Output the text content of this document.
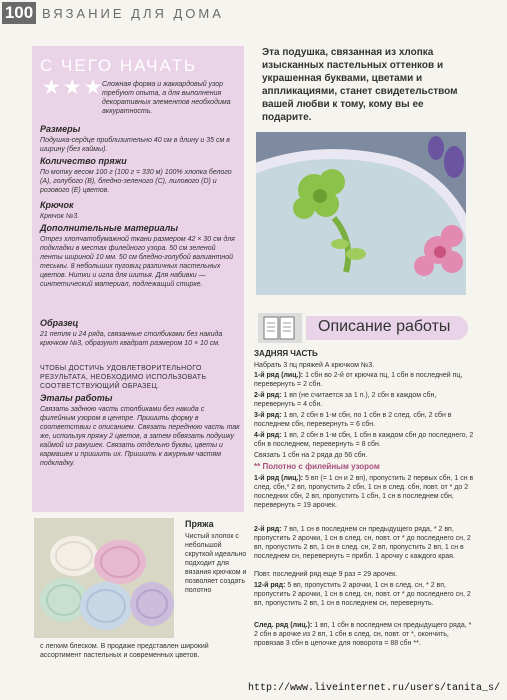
100 ВЯЗАНИЕ ДЛЯ ДОМА
С ЧЕГО НАЧАТЬ
★★★
Сложная форма и жаккардовый узор требуют опыта, а для выполнения декоративных элементов необходима аккуратность.
Размеры
Подушка-сердце приблизительно 40 см в длину и 35 см в ширину (без каймы).
Количество пряжи
По мотку весом 100 г (100 г = 330 м) 100% хлопка белого (A), голубого (B), бледно-зеленого (C), лилового (D) и розового (E) цветов.
Крючок
Крючок №3.
Дополнительные материалы
Отрез хлопчатобумажной ткани размером 42 × 30 см для подкладки в местах филейного узора. 50 см зеленой ленты шириной 10 мм. 50 см бледно-голубой валиантной тесьмы. 8 небольших пуговиц различных пастельных цветов. Нитки и игла для шитья. Для набивки — синтетический материал, подлежащий стирке.
Образец
21 петля и 24 ряда, связанные столбиками без накида крючком №3, образуют квадрат размером 10 × 10 см.
ЧТОБЫ ДОСТИЧЬ УДОВЛЕТВОРИТЕЛЬНОГО РЕЗУЛЬТАТА, НЕОБХОДИМО ИСПОЛЬЗОВАТЬ СООТВЕТСТВУЮЩИЙ ОБРАЗЕЦ.
Этапы работы
Связать заднюю часть столбиками без накида с филейным узором в центре. Пришить форму в соответствии с описанием. Связать переднюю часть так же, используя пряжу 2 цветов, а затем обвязать подушку каймой из ракушек. Связать отдельно буквы, цветы и кармашек и пришить их. Пришить к ажурным частям подкладку.
Пряжа
Чистый хлопок с небольшой скруткой идеально подходит для вязания крючком и позволяет создать полотно
с легким блеском. В продаже представлен широкий ассортимент пастельных и современных цветов.
Эта подушка, связанная из хлопка изысканных пастельных оттенков и украшенная буквами, цветами и аппликациями, станет свидетельством вашей любви к тому, кому вы ее подарите.
Описание работы
ЗАДНЯЯ ЧАСТЬ
Набрать 3 пц пряжей А крючком №3.
1-й ряд (лиц.): 1 сбн во 2-й от крючка пц, 1 сбн в последней пц, перевернуть = 2 сбн.
2-й ряд: 1 вп (не считается за 1 п.), 2 сбн в каждом сбн, перевернуть = 4 сбн.
3-й ряд: 1 вп, 2 сбн в 1-м сбн, по 1 сбн в 2 след. сбн, 2 сбн в последнем сбн, перевернуть = 6 сбн.
4-й ряд: 1 вп, 2 сбн в 1-м сбн, 1 сбн в каждом сбн до последнего, 2 сбн в последнем, перевернуть = 8 сбн.
Связать 1 сбн на 2 ряда до 56 сбн.
** Полотно с филейным узором
1-й ряд (лиц.): 5 вп (= 1 сн и 2 вп), пропустить 2 первых сбн, 1 сн в след. сбн,* 2 вп, пропустить 2 сбн, 1 сн в след. сбн, повт. от * до 2 последних сбн, 2 вп, пропустить 1 сбн, 1 сн в последнем сбн, перевернуть = 19 арочек.
2-й ряд: 7 вп, 1 сн в последнем сн предыдущего ряда, * 2 вп, пропустить 2 арочки, 1 сн в след. сн, повт. от * до последнего сн, 2 вп, пропустить 2 вп, 1 сн в след. сн, 2 вп, пропустить 2 вп, 1 сн в последнем сн, перевернуть = прибл. 1 арочку с каждого края.
Повт. последний ряд еще 9 раз = 29 арочек.
12-й ряд: 5 вп, пропустить 2 арочки, 1 сн в след. сн, * 2 вп, пропустить 2 арочки, 1 сн в след. сн, повт. от * до последнего сн, 2 вп, пропустить 2 вп, 1 сн в последнем сн, перевернуть.
След. ряд (лиц.): 1 вп, 1 сбн в последнем сн предыдущего ряда, * 2 сбн в арочке из 2 вп, 1 сбн в след. сн, повт. от *, окончить, провязав 3 сбн в цепочке для поворота = 88 сбн **.
http://www.liveinternet.ru/users/tanita_s/
